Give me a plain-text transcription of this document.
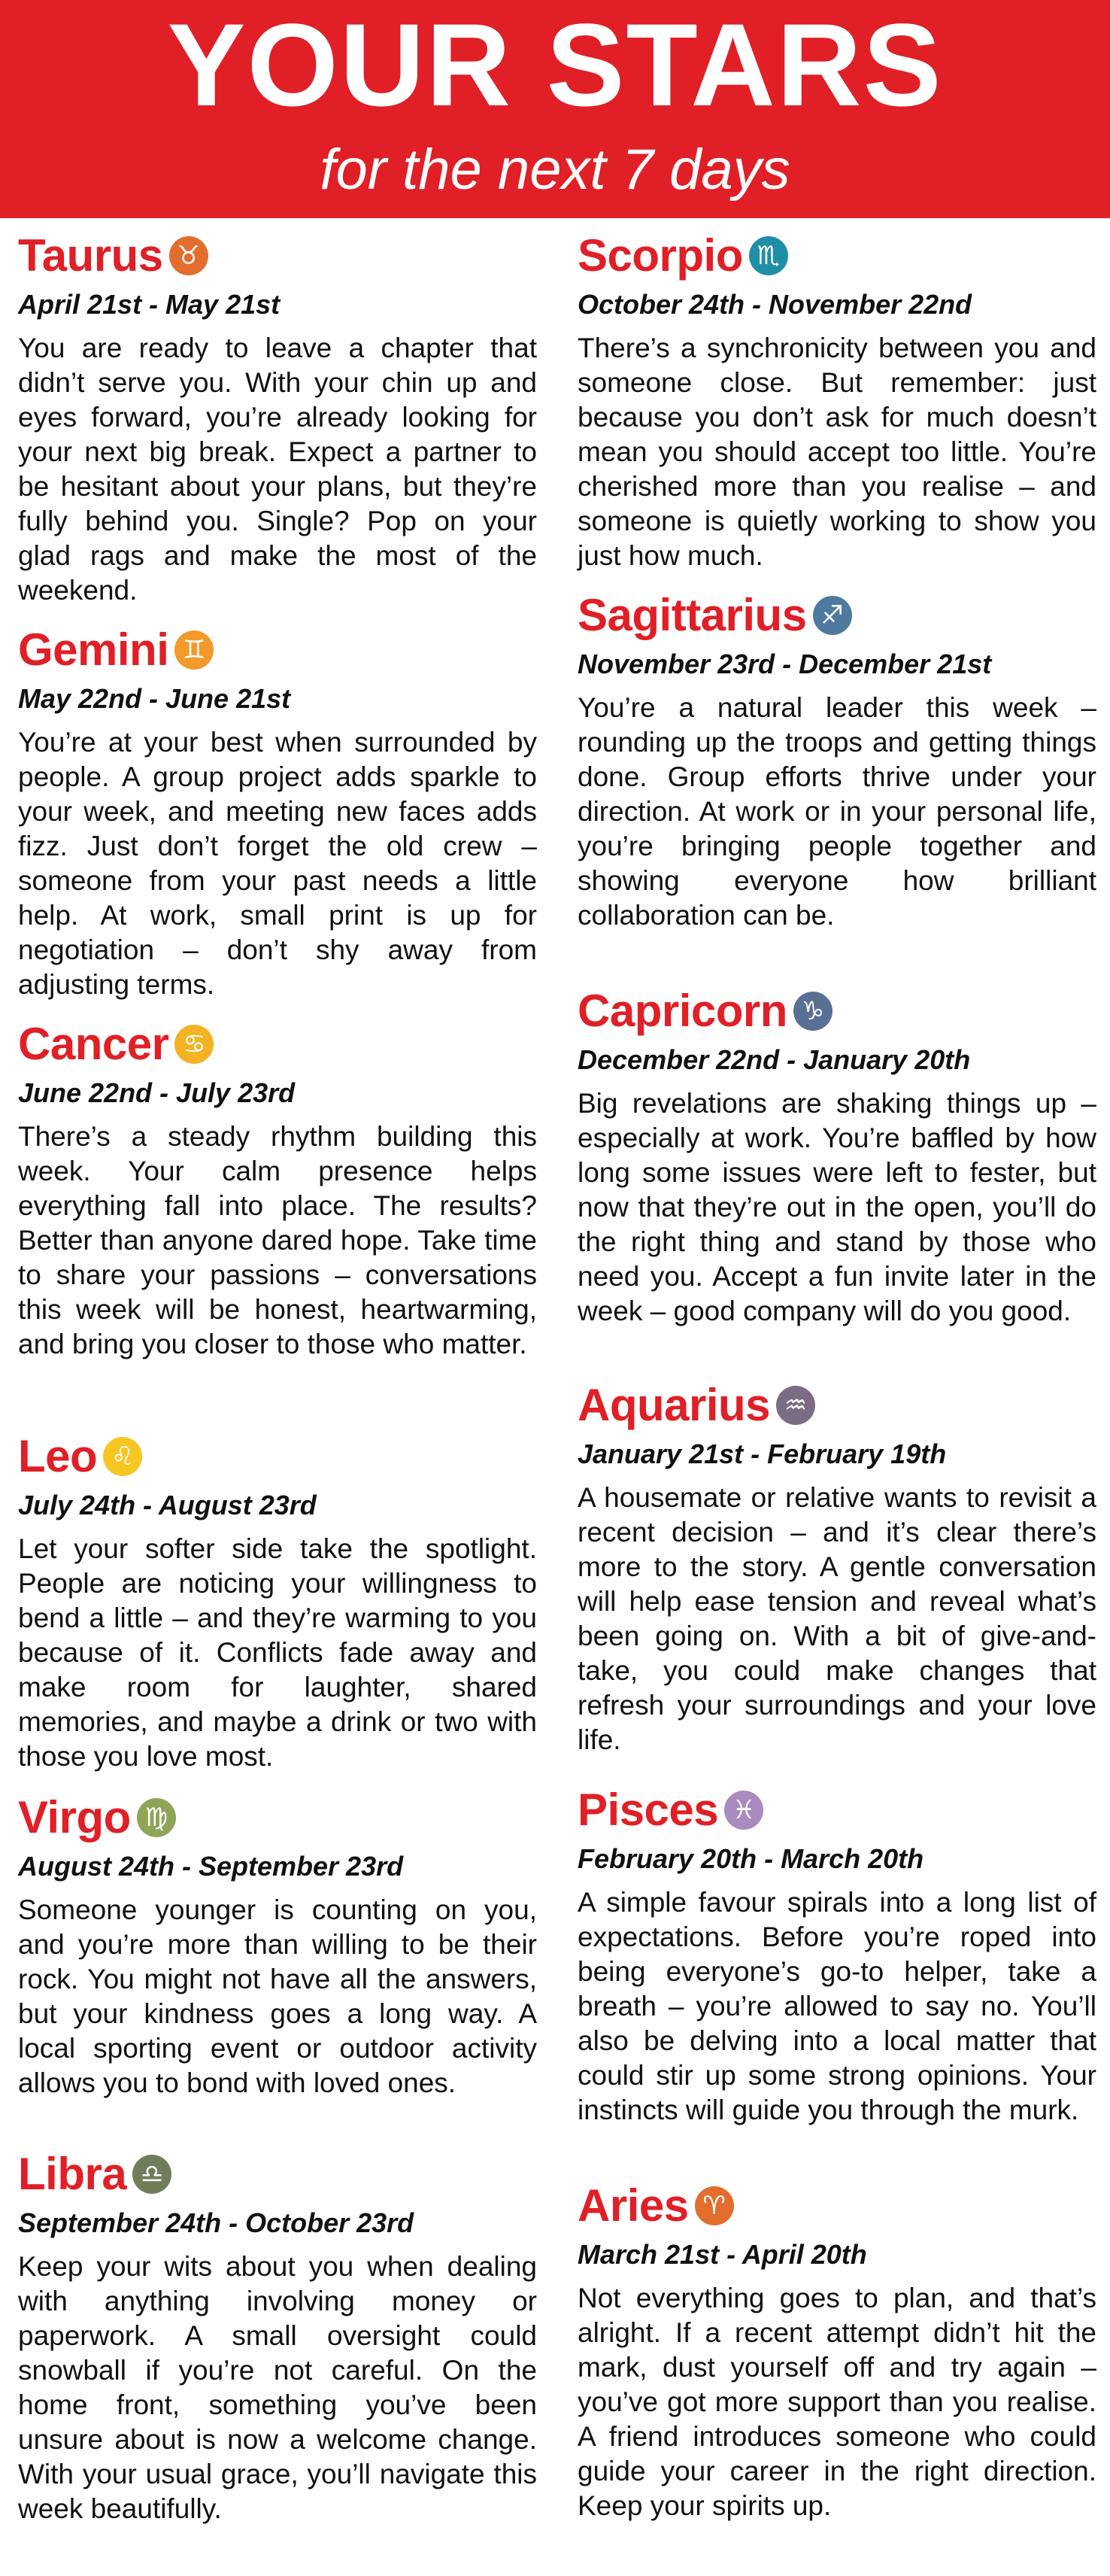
YOUR STARS
for the next 7 days
Taurus ♉
April 21st - May 21st
You are ready to leave a chapter that didn’t serve you. With your chin up and eyes forward, you’re already looking for your next big break. Expect a partner to be hesitant about your plans, but they’re fully behind you. Single? Pop on your glad rags and make the most of the weekend.
Gemini ♊
May 22nd - June 21st
You’re at your best when surrounded by people. A group project adds sparkle to your week, and meeting new faces adds fizz. Just don’t forget the old crew – someone from your past needs a little help. At work, small print is up for negotiation – don’t shy away from adjusting terms.
Cancer ♋
June 22nd - July 23rd
There’s a steady rhythm building this week. Your calm presence helps everything fall into place. The results? Better than anyone dared hope. Take time to share your passions – conversations this week will be honest, heartwarming, and bring you closer to those who matter.
Leo ♌
July 24th - August 23rd
Let your softer side take the spotlight. People are noticing your willingness to bend a little – and they’re warming to you because of it. Conflicts fade away and make room for laughter, shared memories, and maybe a drink or two with those you love most.
Virgo ♍
August 24th - September 23rd
Someone younger is counting on you, and you’re more than willing to be their rock. You might not have all the answers, but your kindness goes a long way. A local sporting event or outdoor activity allows you to bond with loved ones.
Libra ♎
September 24th - October 23rd
Keep your wits about you when dealing with anything involving money or paperwork. A small oversight could snowball if you’re not careful. On the home front, something you’ve been unsure about is now a welcome change. With your usual grace, you’ll navigate this week beautifully.
Scorpio ♏
October 24th - November 22nd
There’s a synchronicity between you and someone close. But remember: just because you don’t ask for much doesn’t mean you should accept too little. You’re cherished more than you realise – and someone is quietly working to show you just how much.
Sagittarius ♐
November 23rd - December 21st
You’re a natural leader this week – rounding up the troops and getting things done. Group efforts thrive under your direction. At work or in your personal life, you’re bringing people together and showing everyone how brilliant collaboration can be.
Capricorn ♑
December 22nd - January 20th
Big revelations are shaking things up – especially at work. You’re baffled by how long some issues were left to fester, but now that they’re out in the open, you’ll do the right thing and stand by those who need you. Accept a fun invite later in the week – good company will do you good.
Aquarius ♒
January 21st - February 19th
A housemate or relative wants to revisit a recent decision – and it’s clear there’s more to the story. A gentle conversation will help ease tension and reveal what’s been going on. With a bit of give-and-take, you could make changes that refresh your surroundings and your love life.
Pisces ♓
February 20th - March 20th
A simple favour spirals into a long list of expectations. Before you’re roped into being everyone’s go-to helper, take a breath – you’re allowed to say no. You’ll also be delving into a local matter that could stir up some strong opinions. Your instincts will guide you through the murk.
Aries ♈
March 21st - April 20th
Not everything goes to plan, and that’s alright. If a recent attempt didn’t hit the mark, dust yourself off and try again – you’ve got more support than you realise. A friend introduces someone who could guide your career in the right direction. Keep your spirits up.
